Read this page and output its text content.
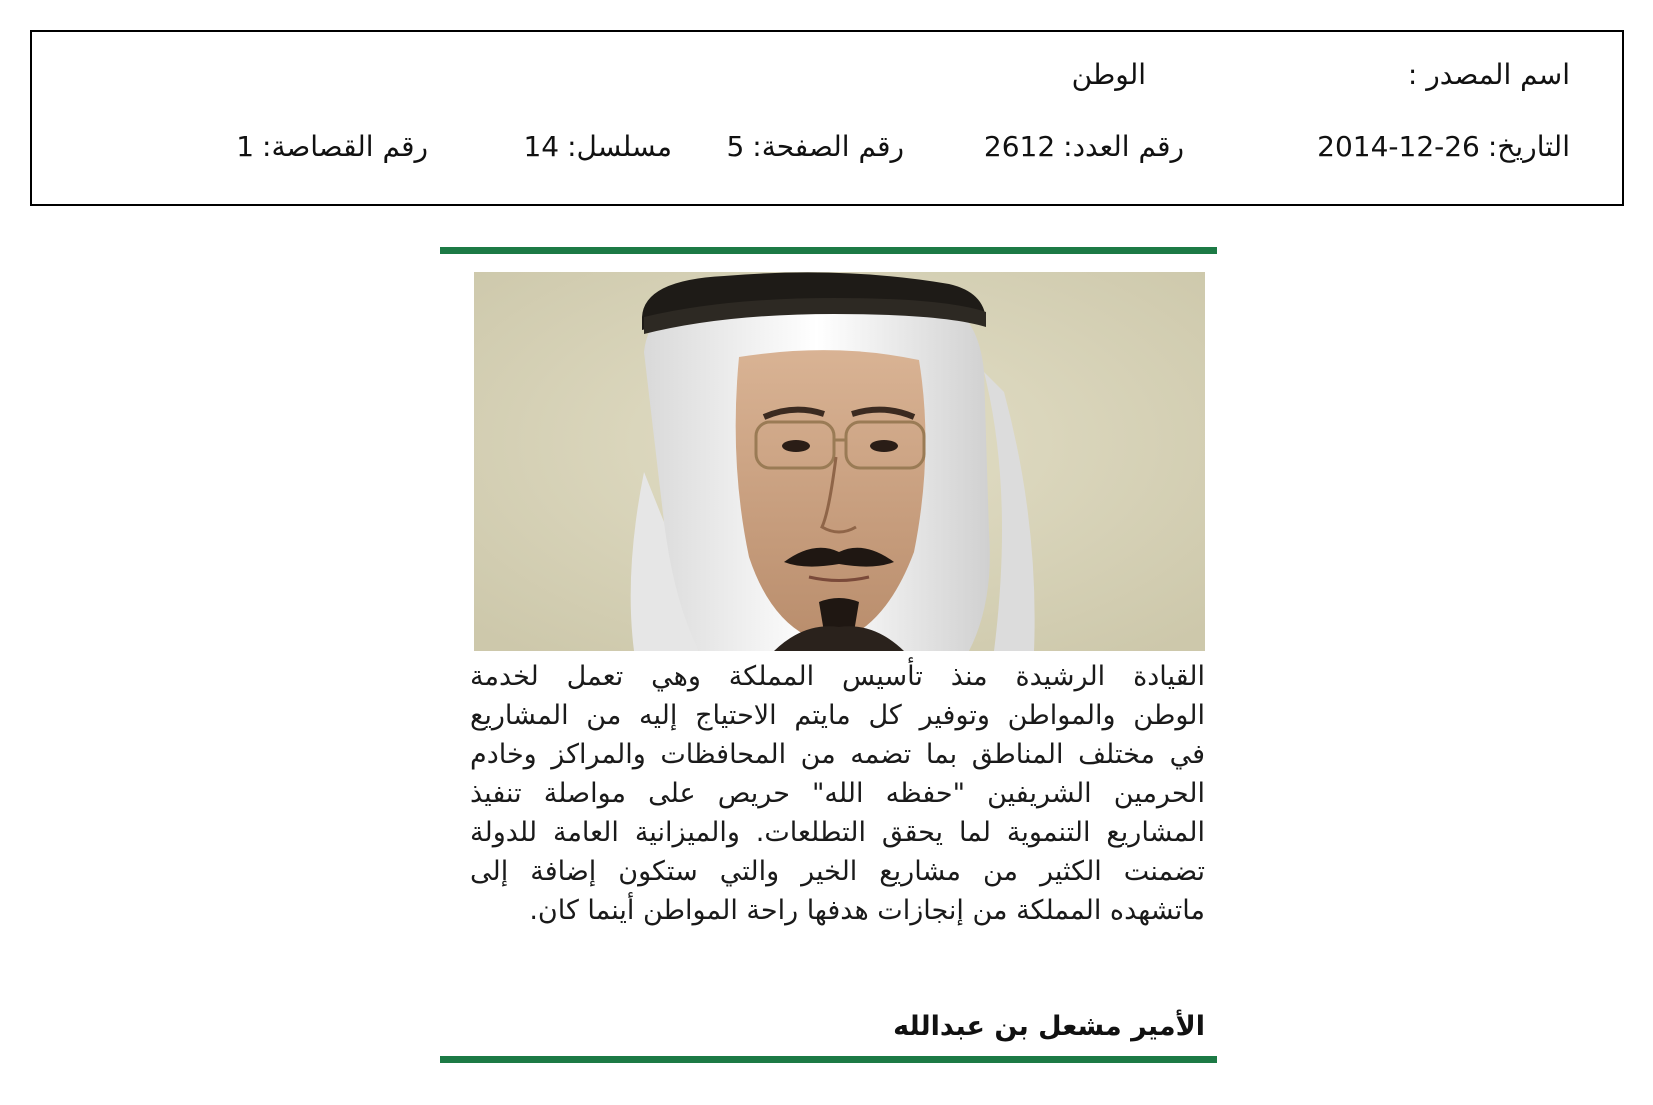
اسم المصدر :
الوطن
التاريخ:2014-12-26
رقم العدد:2612
رقم الصفحة:5
مسلسل:14
رقم القصاصة:1
القيادة الرشيدة منذ تأسيس المملكة وهي تعمل لخدمة
الوطن والمواطن وتوفير كل مايتم الاحتياج إليه من المشاريع
في مختلف المناطق بما تضمه من المحافظات والمراكز وخادم
الحرمين الشريفين "حفظه الله" حريص على مواصلة تنفيذ
المشاريع التنموية لما يحقق التطلعات. والميزانية العامة للدولة
تضمنت الكثير من مشاريع الخير والتي ستكون إضافة إلى
ماتشهده المملكة من إنجازات هدفها راحة المواطن أينما كان.
الأمير مشعل بن عبدالله
